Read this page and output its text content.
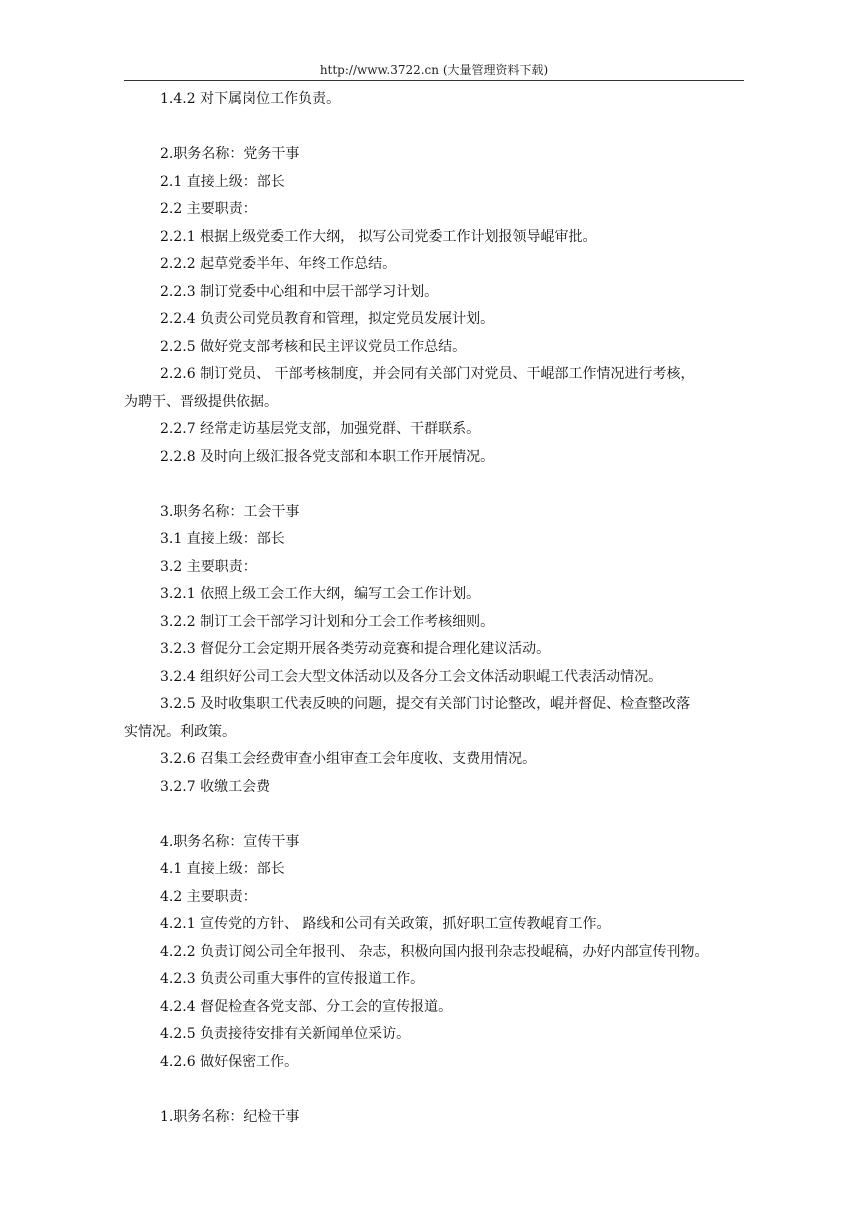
http://www.3722.cn (大量管理资料下载)
1.4.2 对下属岗位工作负责。
2.职务名称：党务干事
2.1 直接上级：部长
2.2 主要职责：
2.2.1 根据上级党委工作大纲， 拟写公司党委工作计划报领导崐审批。
2.2.2 起草党委半年、年终工作总结。
2.2.3 制订党委中心组和中层干部学习计划。
2.2.4 负责公司党员教育和管理，拟定党员发展计划。
2.2.5 做好党支部考核和民主评议党员工作总结。
2.2.6 制订党员、 干部考核制度，并会同有关部门对党员、干崐部工作情况进行考核，
为聘干、晋级提供依据。
2.2.7 经常走访基层党支部，加强党群、干群联系。
2.2.8 及时向上级汇报各党支部和本职工作开展情况。
3.职务名称：工会干事
3.1 直接上级：部长
3.2 主要职责：
3.2.1 依照上级工会工作大纲，编写工会工作计划。
3.2.2 制订工会干部学习计划和分工会工作考核细则。
3.2.3 督促分工会定期开展各类劳动竞赛和提合理化建议活动。
3.2.4 组织好公司工会大型文体活动以及各分工会文体活动职崐工代表活动情况。
3.2.5 及时收集职工代表反映的问题，提交有关部门讨论整改，崐并督促、检查整改落
实情况。利政策。
3.2.6 召集工会经费审查小组审查工会年度收、支费用情况。
3.2.7 收缴工会费
4.职务名称：宣传干事
4.1 直接上级：部长
4.2 主要职责：
4.2.1 宣传党的方针、 路线和公司有关政策，抓好职工宣传教崐育工作。
4.2.2 负责订阅公司全年报刊、 杂志，积极向国内报刊杂志投崐稿，办好内部宣传刊物。
4.2.3 负责公司重大事件的宣传报道工作。
4.2.4 督促检查各党支部、分工会的宣传报道。
4.2.5 负责接待安排有关新闻单位采访。
4.2.6 做好保密工作。
1.职务名称：纪检干事
